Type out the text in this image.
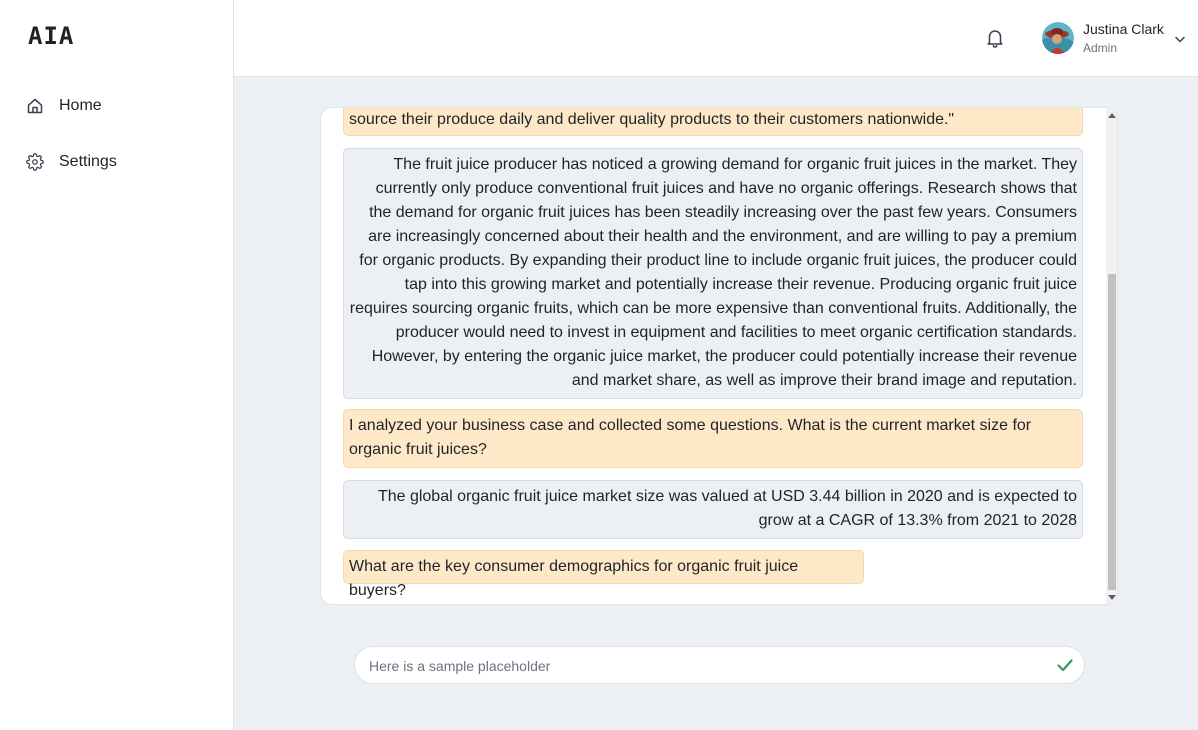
AIA
Home
Settings
Justina Clark
Admin
source their produce daily and deliver quality products to their customers nationwide."
The fruit juice producer has noticed a growing demand for organic fruit juices in the market. They currently only produce conventional fruit juices and have no organic offerings. Research shows that the demand for organic fruit juices has been steadily increasing over the past few years. Consumers are increasingly concerned about their health and the environment, and are willing to pay a premium for organic products. By expanding their product line to include organic fruit juices, the producer could tap into this growing market and potentially increase their revenue. Producing organic fruit juice requires sourcing organic fruits, which can be more expensive than conventional fruits. Additionally, the producer would need to invest in equipment and facilities to meet organic certification standards. However, by entering the organic juice market, the producer could potentially increase their revenue and market share, as well as improve their brand image and reputation.
I analyzed your business case and collected some questions. What is the current market size for organic fruit juices?
The global organic fruit juice market size was valued at USD 3.44 billion in 2020 and is expected to grow at a CAGR of 13.3% from 2021 to 2028
What are the key consumer demographics for organic fruit juice buyers?
Here is a sample placeholder
